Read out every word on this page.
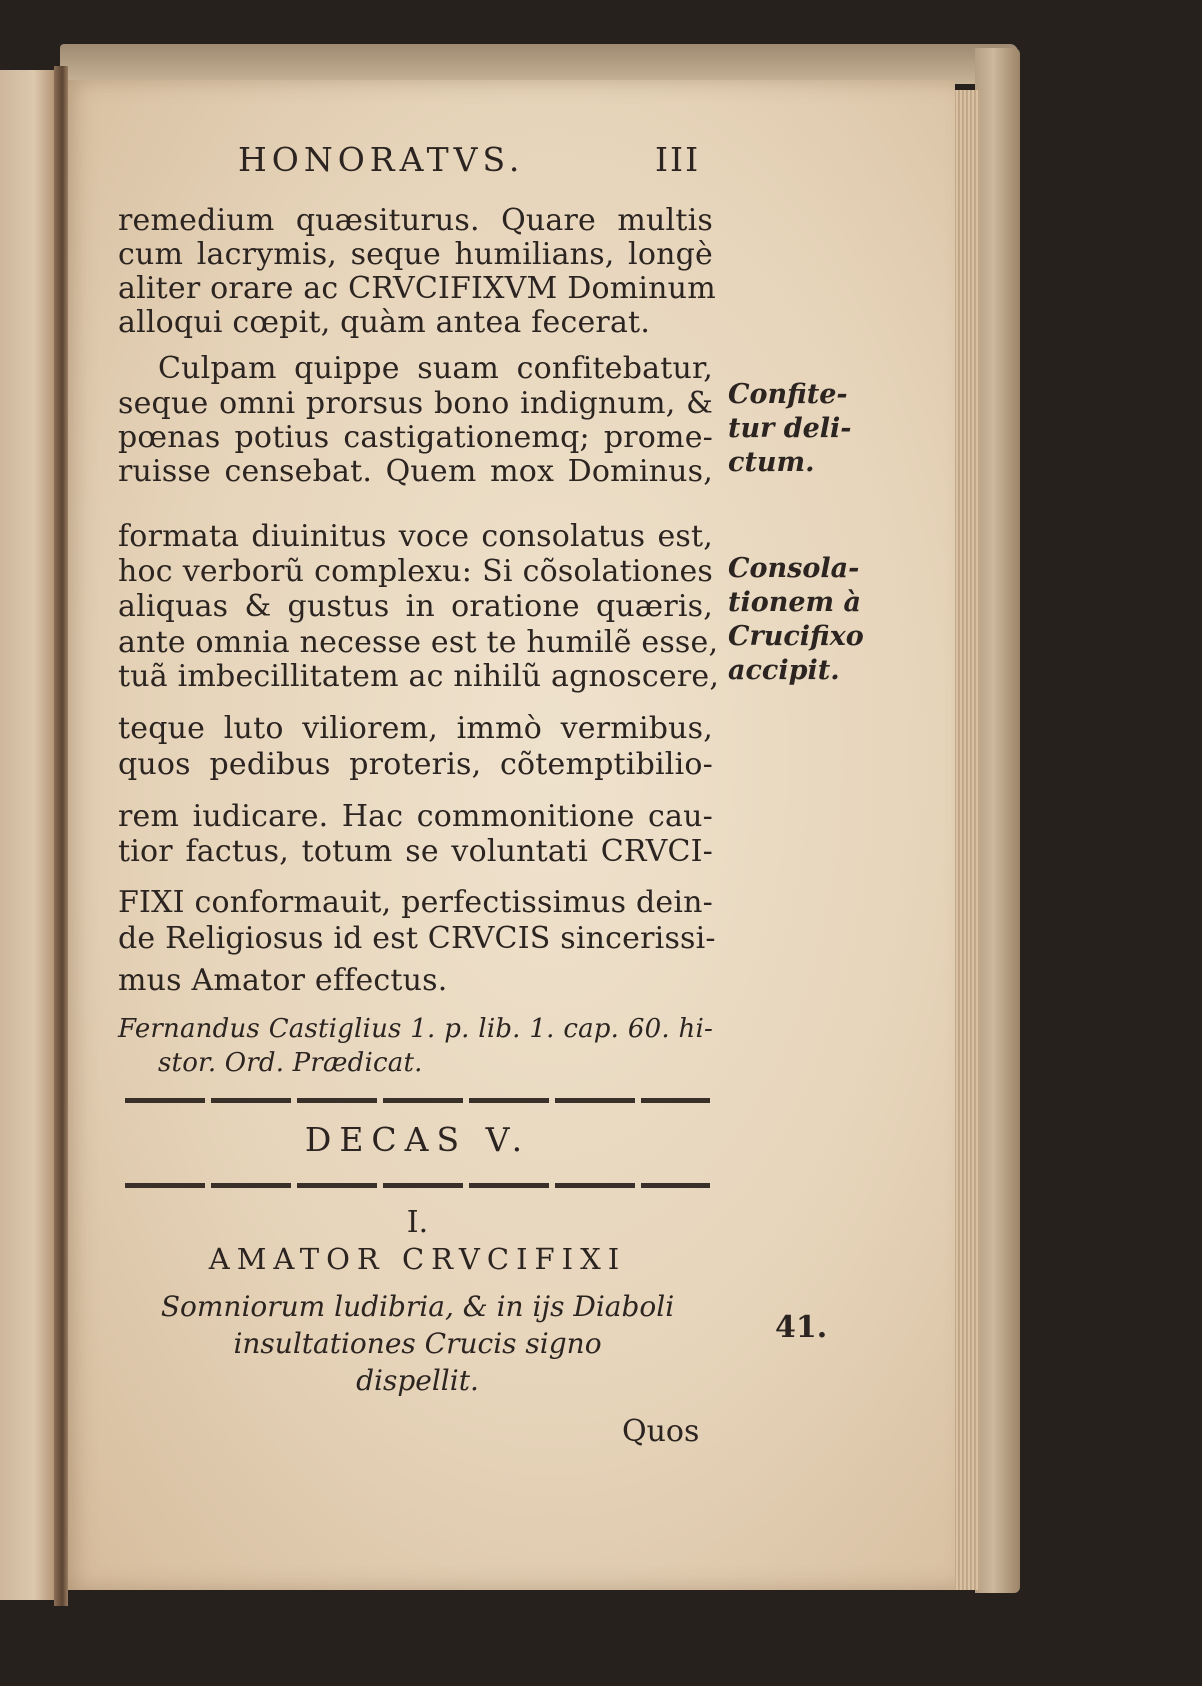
HONORATVS.	III
remedium quæsiturus. Quare multis
cum lacrymis, seque humilians, longè
aliter orare ac CRVCIFIXVM Dominum
alloqui cœpit, quàm antea fecerat.
Culpam quippe suam confitebatur,
seque omni prorsus bono indignum, &
pœnas potius castigationemq; prome-
ruisse censebat. Quem mox Dominus,
formata diuinitus voce consolatus est,
hoc verborũ complexu: Si cõsolationes
aliquas & gustus in oratione quæris,
ante omnia necesse est te humilẽ esse,
tuã imbecillitatem ac nihilũ agnoscere,
teque luto viliorem, immò vermibus,
quos pedibus proteris, cõtemptibilio-
rem iudicare. Hac commonitione cau-
tior factus, totum se voluntati CRVCI-
FIXI conformauit, perfectissimus dein-
de Religiosus id est CRVCIS sincerissi-
mus Amator effectus.
Fernandus Castiglius 1. p. lib. 1. cap. 60. hi-
stor. Ord. Prædicat.
Confite-
tur deli-
ctum.
Consola-
tionem à
Crucifixo
accipit.
DECAS V.
I.
AMATOR CRVCIFIXI
Somniorum ludibria, & in ijs Diaboli
insultationes Crucis signo
dispellit.
41.
Quos
